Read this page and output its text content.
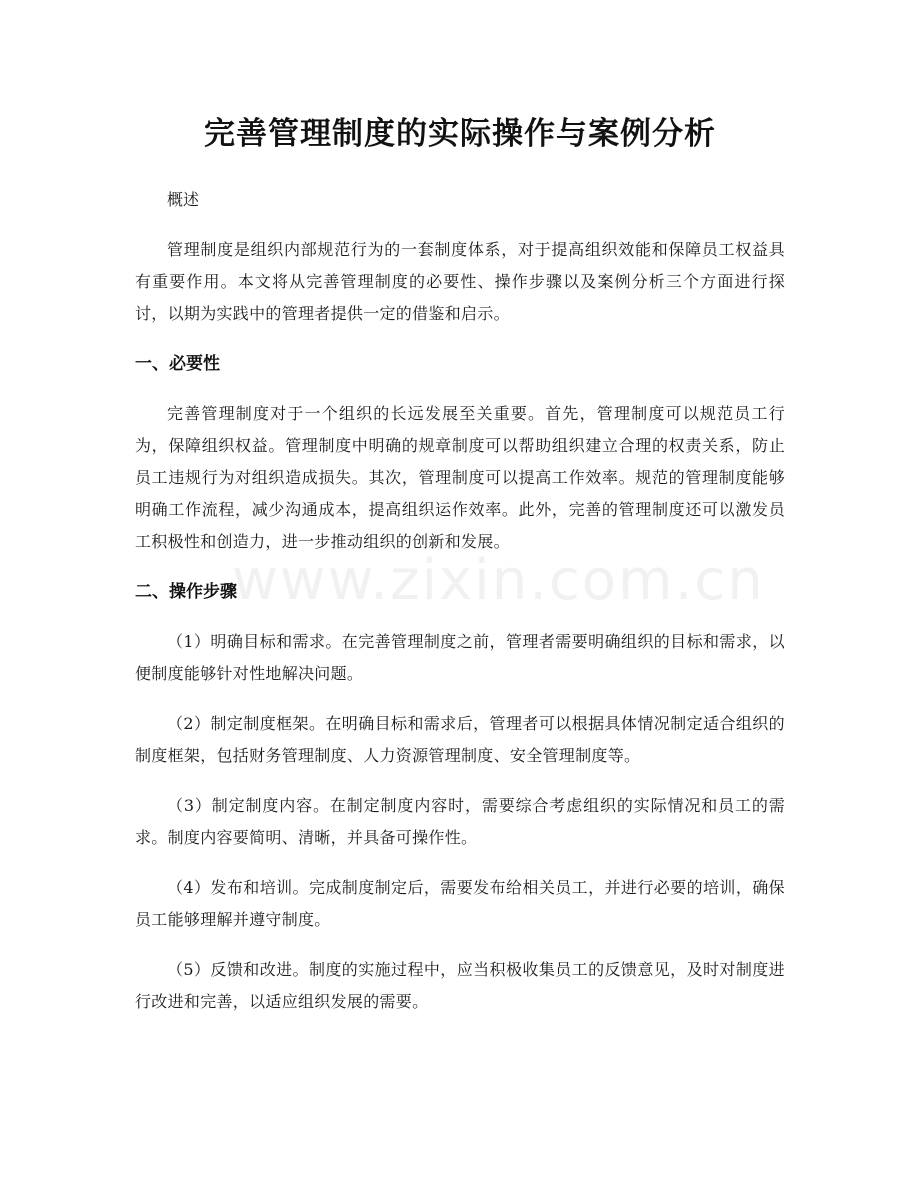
完善管理制度的实际操作与案例分析

概述

管理制度是组织内部规范行为的一套制度体系，对于提高组织效能和保障员工权益具有重要作用。本文将从完善管理制度的必要性、操作步骤以及案例分析三个方面进行探讨，以期为实践中的管理者提供一定的借鉴和启示。

一、必要性

完善管理制度对于一个组织的长远发展至关重要。首先，管理制度可以规范员工行为，保障组织权益。管理制度中明确的规章制度可以帮助组织建立合理的权责关系，防止员工违规行为对组织造成损失。其次，管理制度可以提高工作效率。规范的管理制度能够明确工作流程，减少沟通成本，提高组织运作效率。此外，完善的管理制度还可以激发员工积极性和创造力，进一步推动组织的创新和发展。

二、操作步骤

（1）明确目标和需求。在完善管理制度之前，管理者需要明确组织的目标和需求，以便制度能够针对性地解决问题。

（2）制定制度框架。在明确目标和需求后，管理者可以根据具体情况制定适合组织的制度框架，包括财务管理制度、人力资源管理制度、安全管理制度等。

（3）制定制度内容。在制定制度内容时，需要综合考虑组织的实际情况和员工的需求。制度内容要简明、清晰，并具备可操作性。

（4）发布和培训。完成制度制定后，需要发布给相关员工，并进行必要的培训，确保员工能够理解并遵守制度。

（5）反馈和改进。制度的实施过程中，应当积极收集员工的反馈意见，及时对制度进行改进和完善，以适应组织发展的需要。

www.zixin.com.cn
